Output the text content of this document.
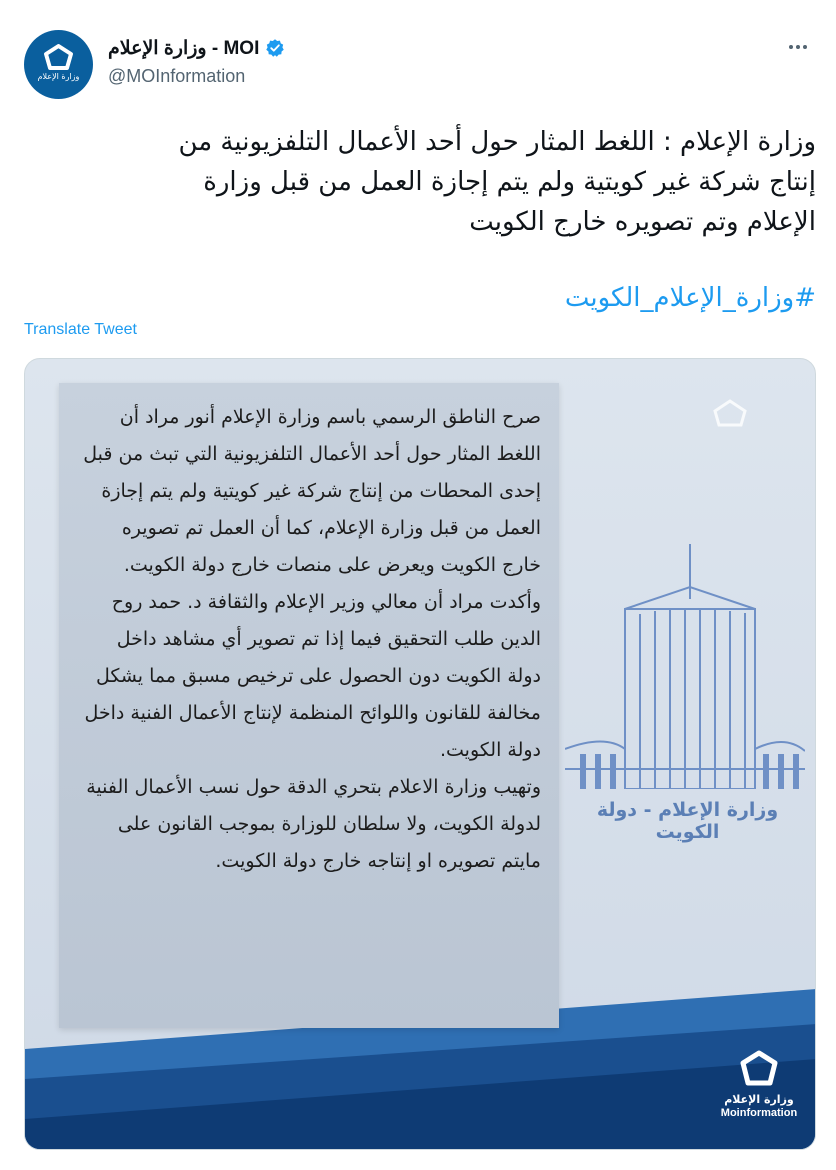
وزارة الإعلام
وزارة الإعلام - MOI
@MOInformation
وزارة الإعلام : اللغط المثار حول أحد الأعمال التلفزيونية من
إنتاج شركة غير كويتية ولم يتم إجازة العمل من قبل وزارة
الإعلام وتم تصويره خارج الكويت
#وزارة_الإعلام_الكويت
Translate Tweet
صرح الناطق الرسمي باسم وزارة الإعلام أنور مراد أن اللغط المثار حول أحد الأعمال التلفزيونية التي تبث من قبل إحدى المحطات من إنتاج شركة غير كويتية ولم يتم إجازة العمل من قبل وزارة الإعلام، كما أن العمل تم تصويره خارج الكويت ويعرض على منصات خارج دولة الكويت.
وأكدت مراد أن معالي وزير الإعلام والثقافة د. حمد روح الدين طلب التحقيق فيما إذا تم تصوير أي مشاهد داخل دولة الكويت دون الحصول على ترخيص مسبق مما يشكل مخالفة للقانون واللوائح المنظمة لإنتاج الأعمال الفنية داخل دولة الكويت.
وتهيب وزارة الاعلام بتحري الدقة حول نسب الأعمال الفنية لدولة الكويت، ولا سلطان للوزارة بموجب القانون على مايتم تصويره او إنتاجه خارج دولة الكويت.
وزارة الإعلام - دولة الكويت
وزارة الإعلام
Moinformation
